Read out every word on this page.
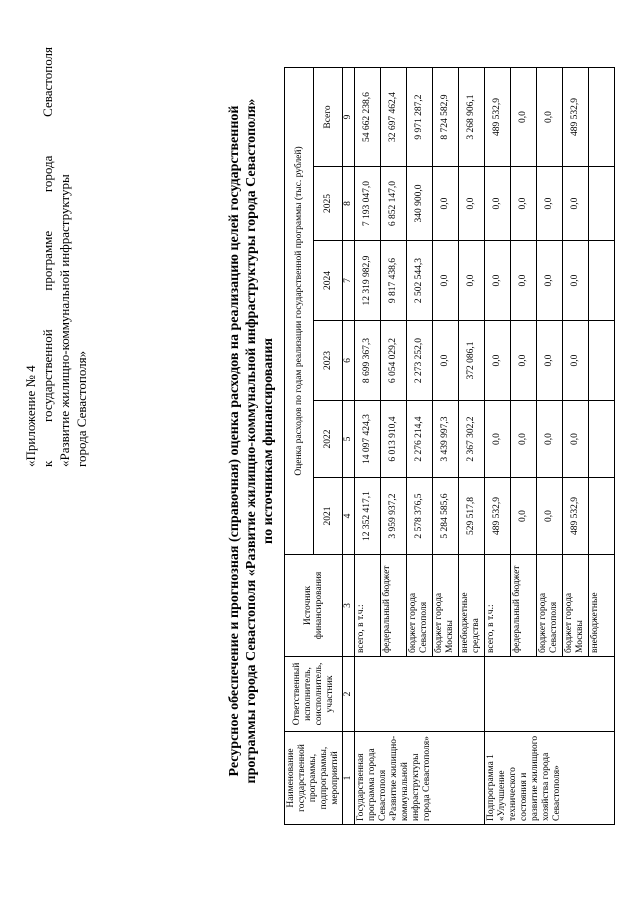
«Приложение № 4 к
государственной
программе
города
Севастополя
«Развитие жилищно-коммунальной инфраструктуры города Севастополя»	Ресурсное обеспечение и прогнозная (справочная) оценка расходов на реализацию целей государственной программы города Севастополя «Развитие жилищно-коммунальной инфраструктуры города Севастополя» по источникам финансирования
Наименование государственной программы, подпрограммы, мероприятий	Ответственный исполнитель, соисполнитель, участник	Источник финансирования	Оценка расходов по годам реализации государственной программы (тыс. рублей)					
			2021	2022	2023	2024	2025	Всего
1	2	3	4	5	6	7	8	9
Государственная программа города Севастополя «Развитие жилищно-коммунальной инфраструктуры города Севастополя»		всего, в т.ч.:	12 352 417,1	14 097 424,3	8 699 367,3	12 319 982,9	7 193 047,0	54 662 238,6
		федеральный бюджет	3 959 937,2	6 013 910,4	6 054 029,2	9 817 438,6	6 852 147,0	32 697 462,4
		бюджет города Севастополя	2 578 376,5	2 276 214,4	2 273 252,0	2 502 544,3	340 900,0	9 971 287,2
		бюджет города Москвы	5 284 585,6	3 439 997,3	0,0	0,0	0,0	8 724 582,9
		внебюджетные средства	529 517,8	2 367 302,2	372 086,1	0,0	0,0	3 268 906,1
Подпрограмма 1 «Улучшение технического состояния и развитие жилищного хозяйства города Севастополя»		всего, в т.ч.:	489 532,9	0,0	0,0	0,0	0,0	489 532,9
		федеральный бюджет	0,0	0,0	0,0	0,0	0,0	0,0
		бюджет города Севастополя	0,0	0,0	0,0	0,0	0,0	0,0
		бюджет города Москвы	489 532,9	0,0	0,0	0,0	0,0	489 532,9
		внебюджетные						
